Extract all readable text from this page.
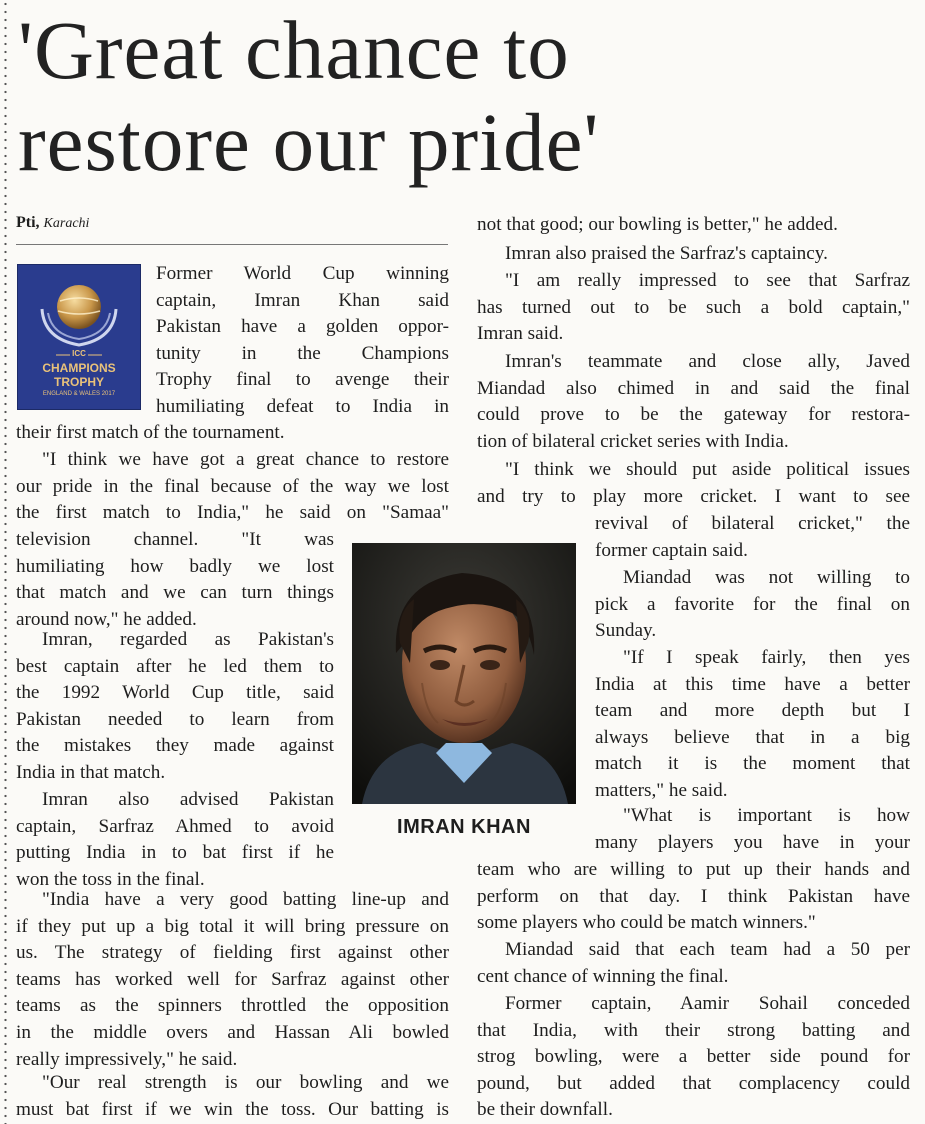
'Great chance to
restore our pride'
Pti, Karachi
ICC
CHAMPIONS
TROPHY
ENGLAND & WALES 2017
IMRAN KHAN

Former World Cup winning
captain, Imran Khan said
Pakistan have a golden oppor-
tunity in the Champions
Trophy final to avenge their
humiliating defeat to India in

their first match of the tournament.

"I think we have got a great chance to restore
our pride in the final because of the way we lost
the first match to India," he said on "Samaa"

television channel. "It was
humiliating how badly we lost
that match and we can turn things
around now," he added.

Imran, regarded as Pakistan's
best captain after he led them to
the 1992 World Cup title, said
Pakistan needed to learn from
the mistakes they made against
India in that match.

Imran also advised Pakistan
captain, Sarfraz Ahmed to avoid
putting India in to bat first if he
won the toss in the final.

"India have a very good batting line-up and
if they put up a big total it will bring pressure on
us. The strategy of fielding first against other
teams has worked well for Sarfraz against other
teams as the spinners throttled the opposition
in the middle overs and Hassan Ali bowled
really impressively," he said.

"Our real strength is our bowling and we
must bat first if we win the toss. Our batting is

not that good; our bowling is better," he added.

Imran also praised the Sarfraz's captaincy.

"I am really impressed to see that Sarfraz
has turned out to be such a bold captain,"
Imran said.

Imran's teammate and close ally, Javed
Miandad also chimed in and said the final
could prove to be the gateway for restora-
tion of bilateral cricket series with India.

"I think we should put aside political issues
and try to play more cricket. I want to see

revival of bilateral cricket," the
former captain said.

Miandad was not willing to
pick a favorite for the final on
Sunday.

"If I speak fairly, then yes
India at this time have a better
team and more depth but I
always believe that in a big
match it is the moment that
matters," he said.

"What is important is how
many players you have in your

team who are willing to put up their hands and
perform on that day. I think Pakistan have
some players who could be match winners."

Miandad said that each team had a 50 per
cent chance of winning the final.

Former captain, Aamir Sohail conceded
that India, with their strong batting and
strog bowling, were a better side pound for
pound, but added that complacency could
be their downfall.
